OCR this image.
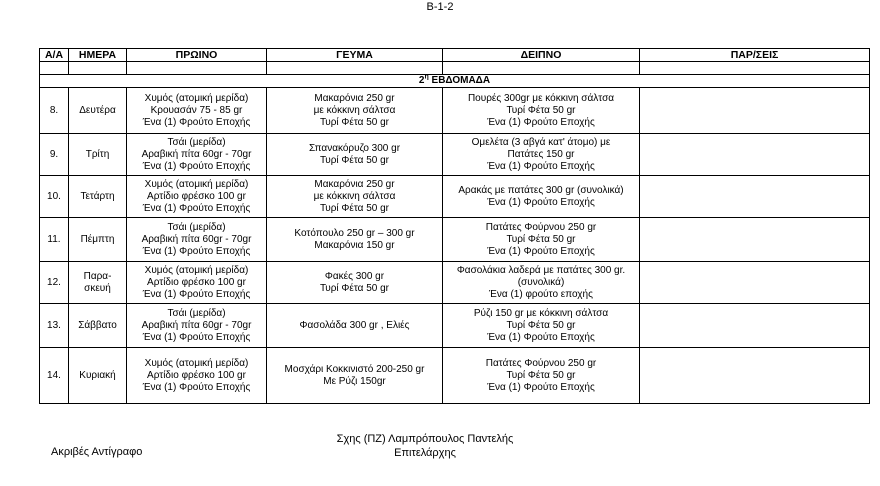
B-1-2
Α/Α	ΗΜΕΡΑ	ΠΡΩΙΝΟ	ΓΕΥΜΑ	ΔΕΙΠΝΟ	ΠΑΡ/ΣΕΙΣ

$2^\eta$ ΕΒΔΟΜΑΔΑ					
8.	Δευτέρα	Χυμός (ατομική μερίδα)
Κρουασάν 75 - 85 gr
Ένα (1) Φρούτο Εποχής	Μακαρόνια 250 gr
με κόκκινη σάλτσα
Τυρί Φέτα 50 gr	Πουρές 300gr με κόκκινη σάλτσα
Τυρί Φέτα 50 gr
Ένα (1) Φρούτο Εποχής	

9.	Τρίτη	Τσάι (μερίδα)
Αραβική πίτα 60gr - 70gr
Ένα (1) Φρούτο Εποχής	Σπανακόρυζο 300 gr
Τυρί Φέτα 50 gr	Ομελέτα (3 αβγά κατ' άτομο) με
Πατάτες 150 gr
Ένα (1) Φρούτο Εποχής	

10.	Τετάρτη	Χυμός (ατομική μερίδα)
Αρτίδιο φρέσκο 100 gr
Ένα (1) Φρούτο Εποχής	Μακαρόνια 250 gr
με κόκκινη σάλτσα
Τυρί Φέτα 50 gr	Αρακάς με πατάτες 300 gr (συνολικά)
Ένα (1) Φρούτο Εποχής	

11.	Πέμπτη	Τσάι (μερίδα)
Αραβική πίτα 60gr - 70gr
Ένα (1) Φρούτο Εποχής	Κοτόπουλο 250 gr – 300 gr
Μακαρόνια 150 gr	Πατάτες Φούρνου 250 gr
Τυρί Φέτα 50 gr
Ένα (1) Φρούτο Εποχής	

12.	Παρα-
σκευή	Χυμός (ατομική μερίδα)
Αρτίδιο φρέσκο 100 gr
Ένα (1) Φρούτο Εποχής	Φακές 300 gr
Τυρί Φέτα 50 gr	Φασολάκια λαδερά με πατάτες 300 gr.
(συνολικά)
Ένα (1) φρούτο εποχής	

13.	Σάββατο	Τσάι (μερίδα)
Αραβική πίτα 60gr - 70gr
Ένα (1) Φρούτο Εποχής	Φασολάδα 300 gr , Ελιές	Ρύζι 150 gr με κόκκινη σάλτσα
Τυρί Φέτα 50 gr
Ένα (1) Φρούτο Εποχής	

14.	Κυριακή	Χυμός (ατομική μερίδα)
Αρτίδιο φρέσκο 100 gr
Ένα (1) Φρούτο Εποχής	Μοσχάρι Κοκκινιστό 200-250 gr
Με Ρύζι 150gr	Πατάτες Φούρνου 250 gr
Τυρί Φέτα 50 gr
Ένα (1) Φρούτο Εποχής	

Ακριβές Αντίγραφο
Σχης (ΠΖ) Λαμπρόπουλος Παντελής
Επιτελάρχης
